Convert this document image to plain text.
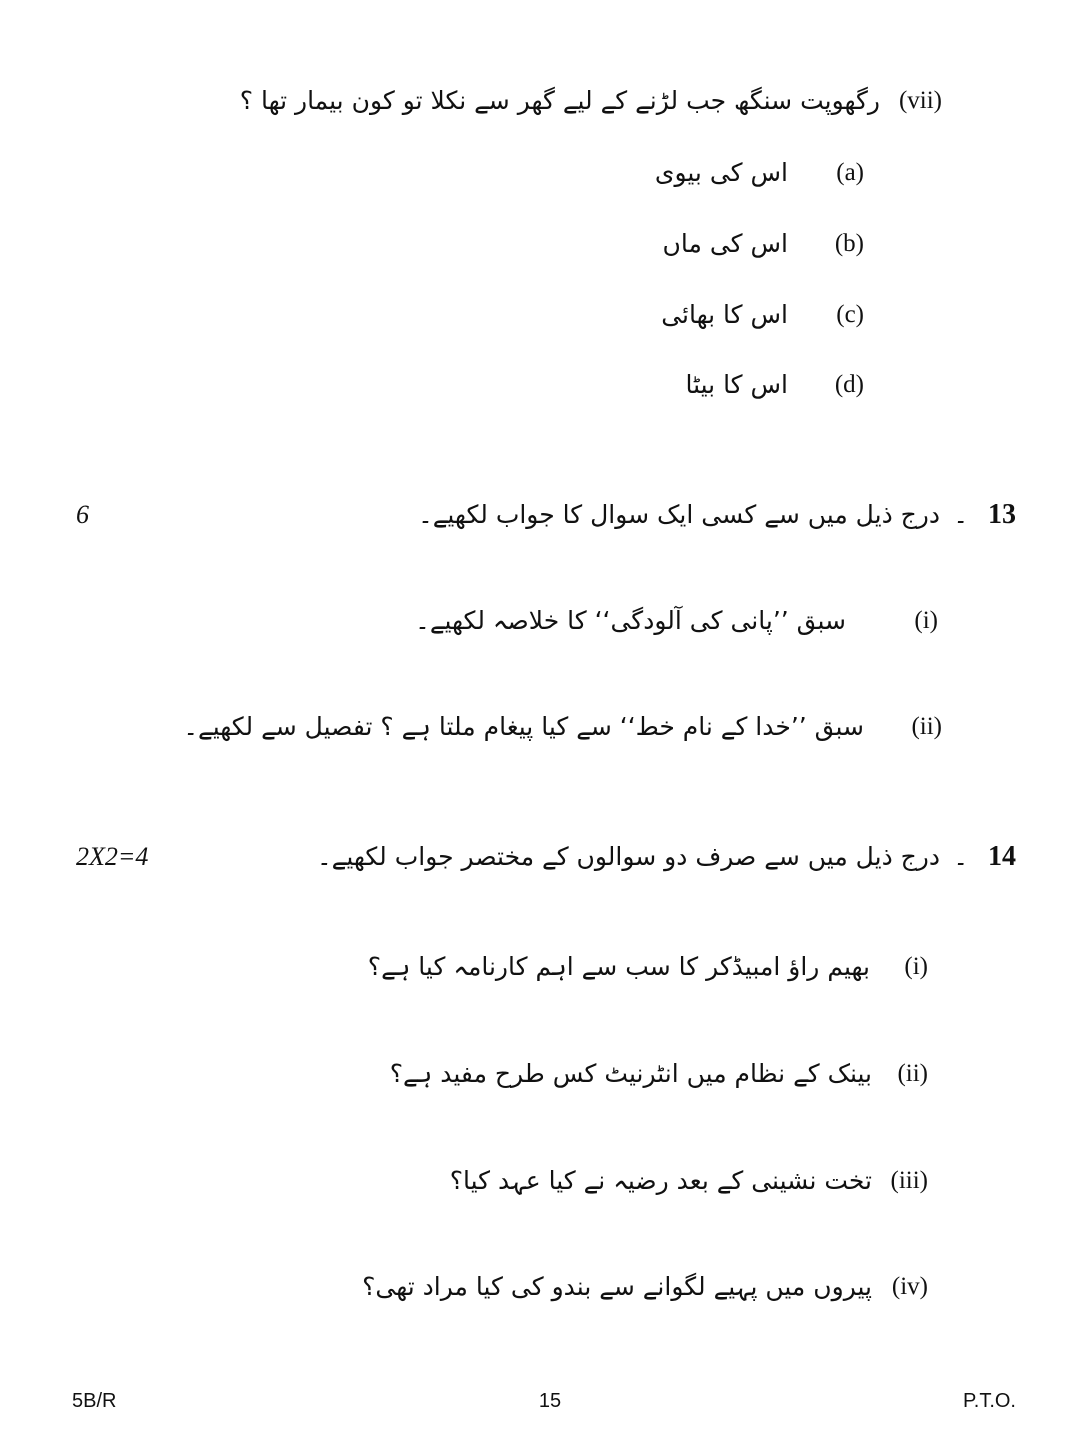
(vii)
رگھوپت سنگھ جب لڑنے کے لیے گھر سے نکلا تو کون بیمار تھا ؟
(a)
اس کی بیوی
(b)
اس کی ماں
(c)
اس کا بھائی
(d)
اس کا بیٹا
6	13
۔
درج ذیل میں سے کسی ایک سوال کا جواب لکھیے۔
(i)
سبق ’’پانی کی آلودگی‘‘ کا خلاصہ لکھیے۔
(ii)
سبق ’’خدا کے نام خط‘‘ سے کیا پیغام ملتا ہے ؟ تفصیل سے لکھیے۔
2X2=4	14
۔
درج ذیل میں سے صرف دو سوالوں کے مختصر جواب لکھیے۔
(i)
بھیم راؤ امبیڈکر کا سب سے اہم کارنامہ کیا ہے؟
(ii)
بینک کے نظام میں انٹرنیٹ کس طرح مفید ہے؟
(iii)
تخت نشینی کے بعد رضیہ نے کیا عہد کیا؟
(iv)
پیروں میں پہیے لگوانے سے بندو کی کیا مراد تھی؟
5B/R	15	P.T.O.
